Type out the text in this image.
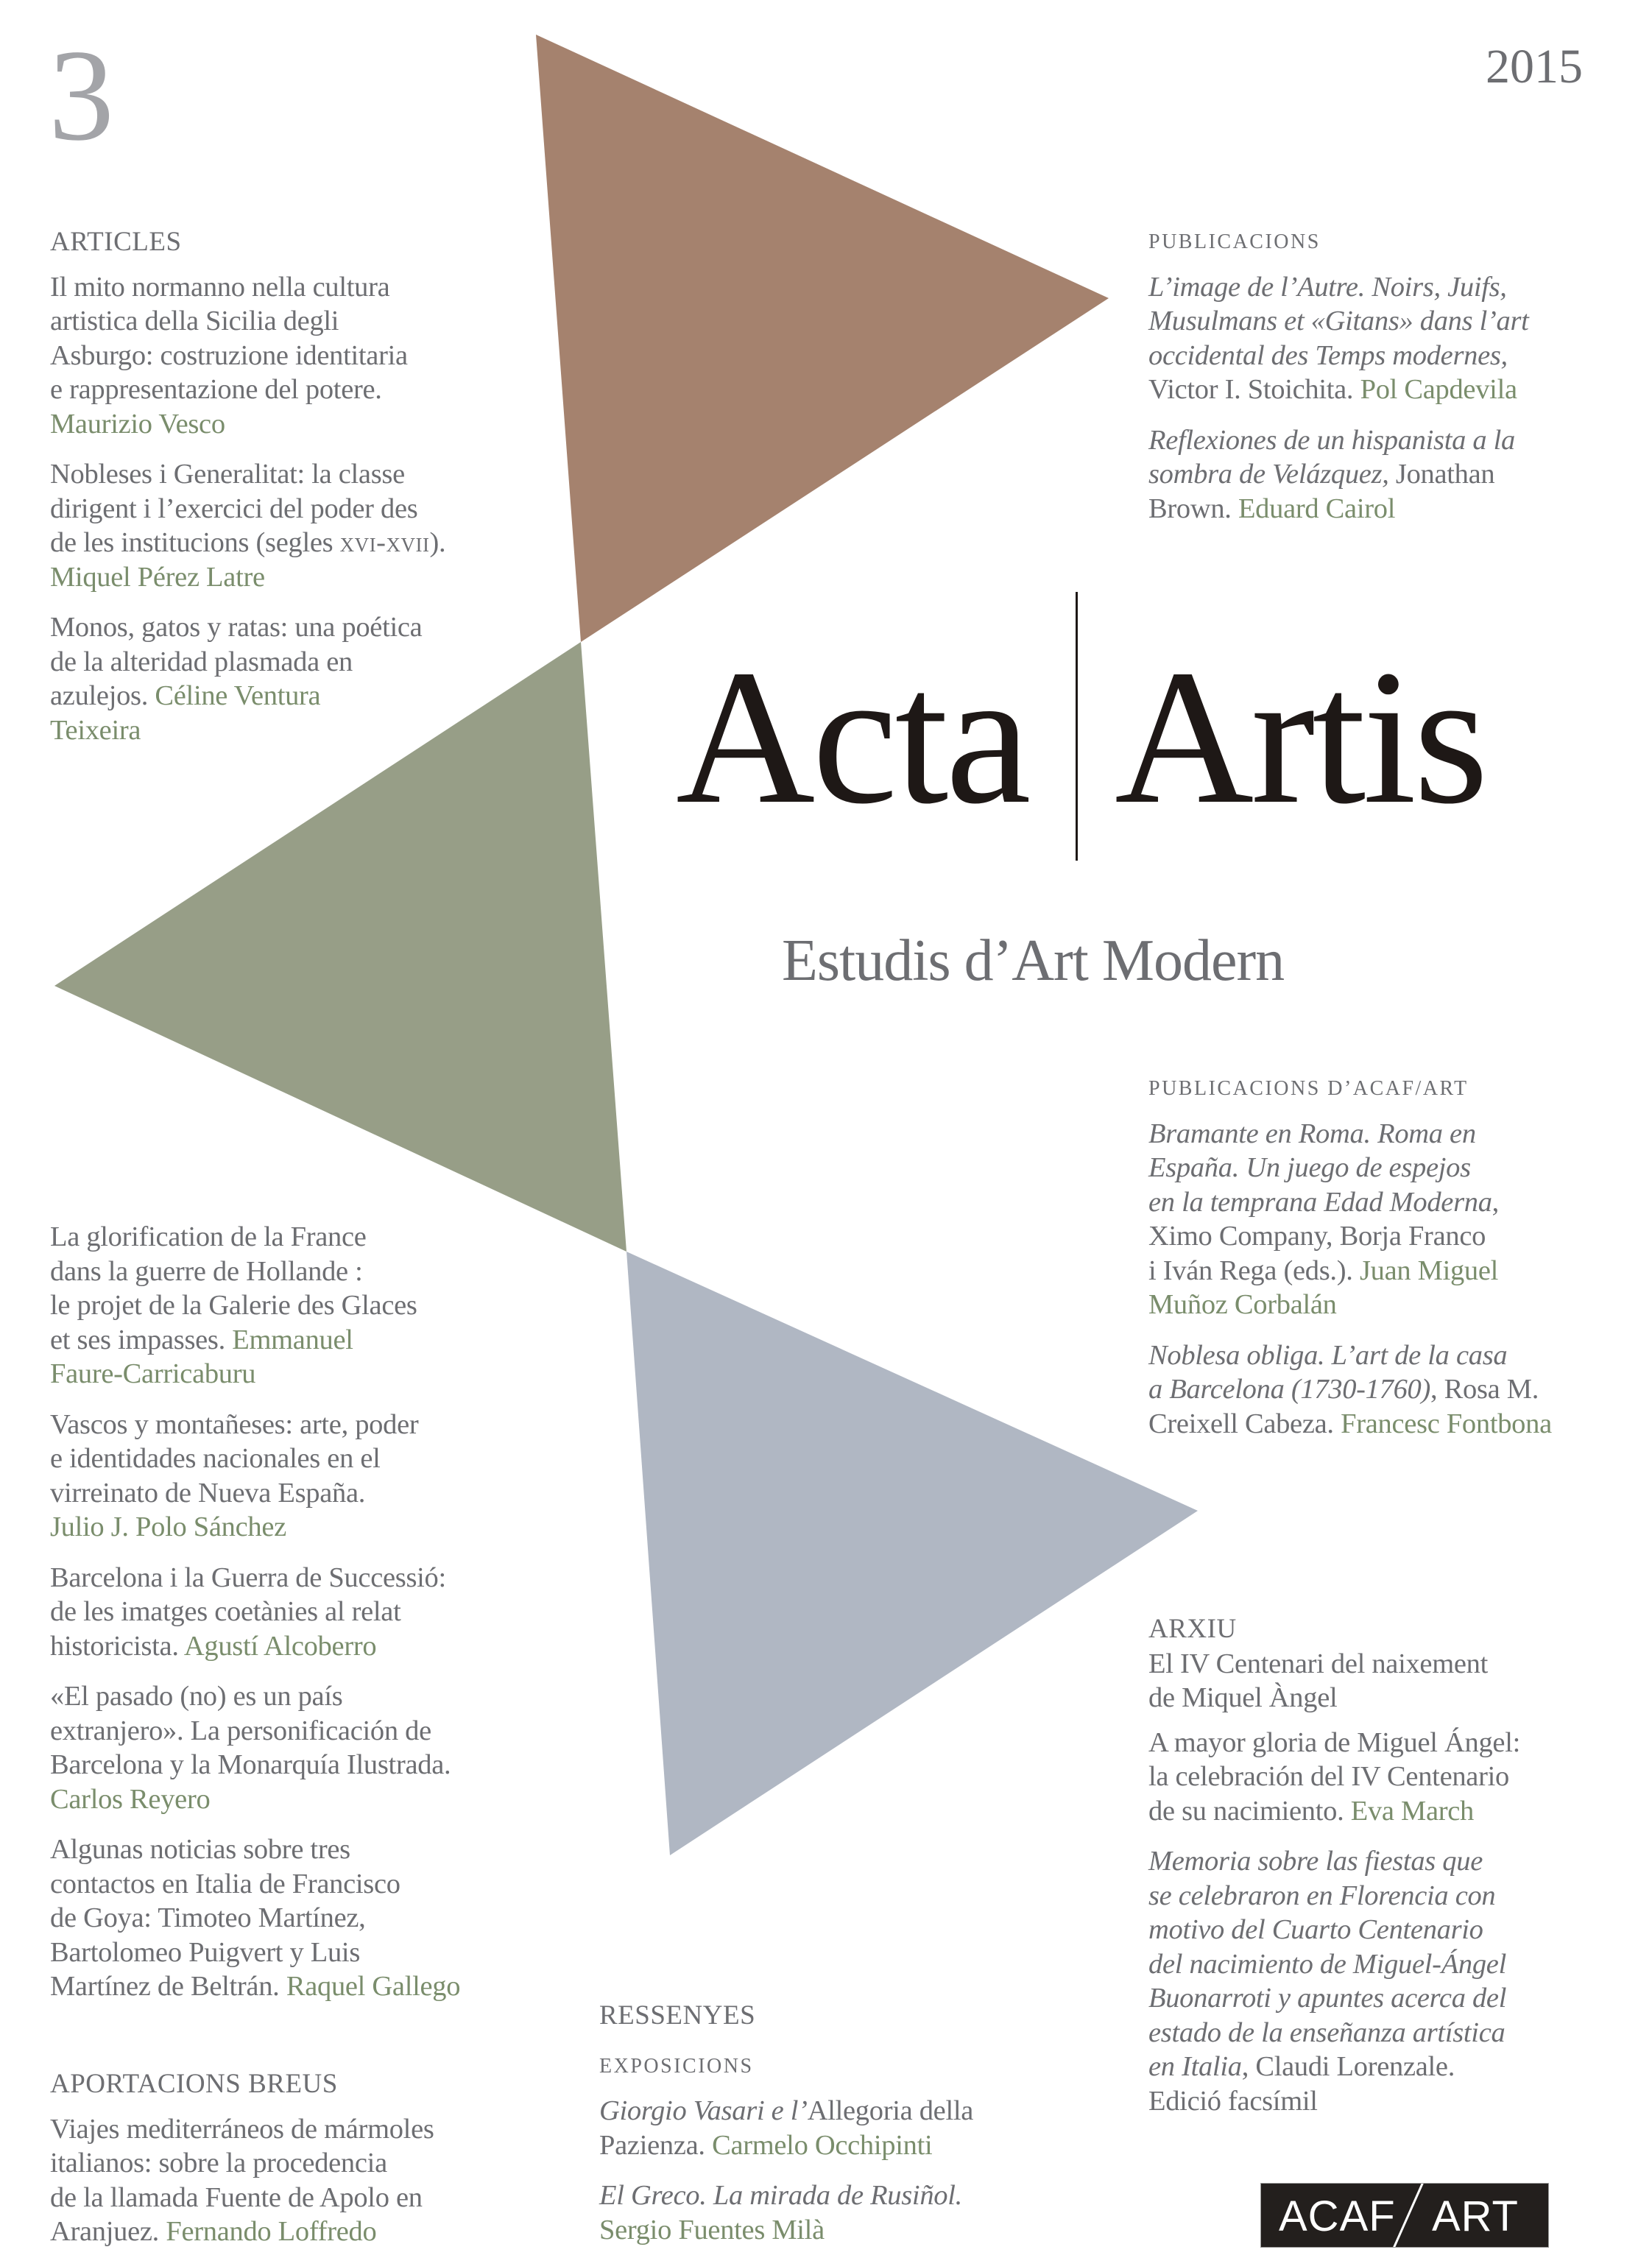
3	2015
ARTICLES
Il mito normanno nella cultura
artistica della Sicilia degli
Asburgo: costruzione identitaria
e rappresentazione del potere.
Maurizio Vesco
Nobleses i Generalitat: la classe
dirigent i l’exercici del poder des
de les institucions (segles xvi-xvii).
Miquel Pérez Latre
Monos, gatos y ratas: una poética
de la alteridad plasmada en
azulejos. Céline Ventura
Teixeira
La glorification de la France
dans la guerre de Hollande :
le projet de la Galerie des Glaces
et ses impasses. Emmanuel
Faure-Carricaburu
Vascos y montañeses: arte, poder
e identidades nacionales en el
virreinato de Nueva España.
Julio J. Polo Sánchez
Barcelona i la Guerra de Successió:
de les imatges coetànies al relat
historicista. Agustí Alcoberro
«El pasado (no) es un país
extranjero». La personificación de
Barcelona y la Monarquía Ilustrada.
Carlos Reyero
Algunas noticias sobre tres
contactos en Italia de Francisco
de Goya: Timoteo Martínez,
Bartolomeo Puigvert y Luis
Martínez de Beltrán. Raquel Gallego
APORTACIONS BREUS
Viajes mediterráneos de mármoles
italianos: sobre la procedencia
de la llamada Fuente de Apolo en
Aranjuez. Fernando Loffredo
PUBLICACIONS
L’image de l’Autre. Noirs, Juifs,
Musulmans et «Gitans» dans l’art
occidental des Temps modernes,
Victor I. Stoichita. Pol Capdevila
Reflexiones de un hispanista a la
sombra de Velázquez, Jonathan
Brown. Eduard Cairol
PUBLICACIONS D’ACAF/ART
Bramante en Roma. Roma en
España. Un juego de espejos
en la temprana Edad Moderna,
Ximo Company, Borja Franco
i Iván Rega (eds.). Juan Miguel
Muñoz Corbalán
Noblesa obliga. L’art de la casa
a Barcelona (1730-1760), Rosa M.
Creixell Cabeza. Francesc Fontbona
ARXIU
El IV Centenari del naixement
de Miquel Àngel
A mayor gloria de Miguel Ángel:
la celebración del IV Centenario
de su nacimiento. Eva March
Memoria sobre las fiestas que
se celebraron en Florencia con
motivo del Cuarto Centenario
del nacimiento de Miguel-Ángel
Buonarroti y apuntes acerca del
estado de la enseñanza artística
en Italia, Claudi Lorenzale.
Edició facsímil
RESSENYES
EXPOSICIONS
Giorgio Vasari e l’Allegoria della
Pazienza. Carmelo Occhipinti
El Greco. La mirada de Rusiñol.
Sergio Fuentes Milà
Acta Artis
Estudis d’Art Modern
ACAF ART
